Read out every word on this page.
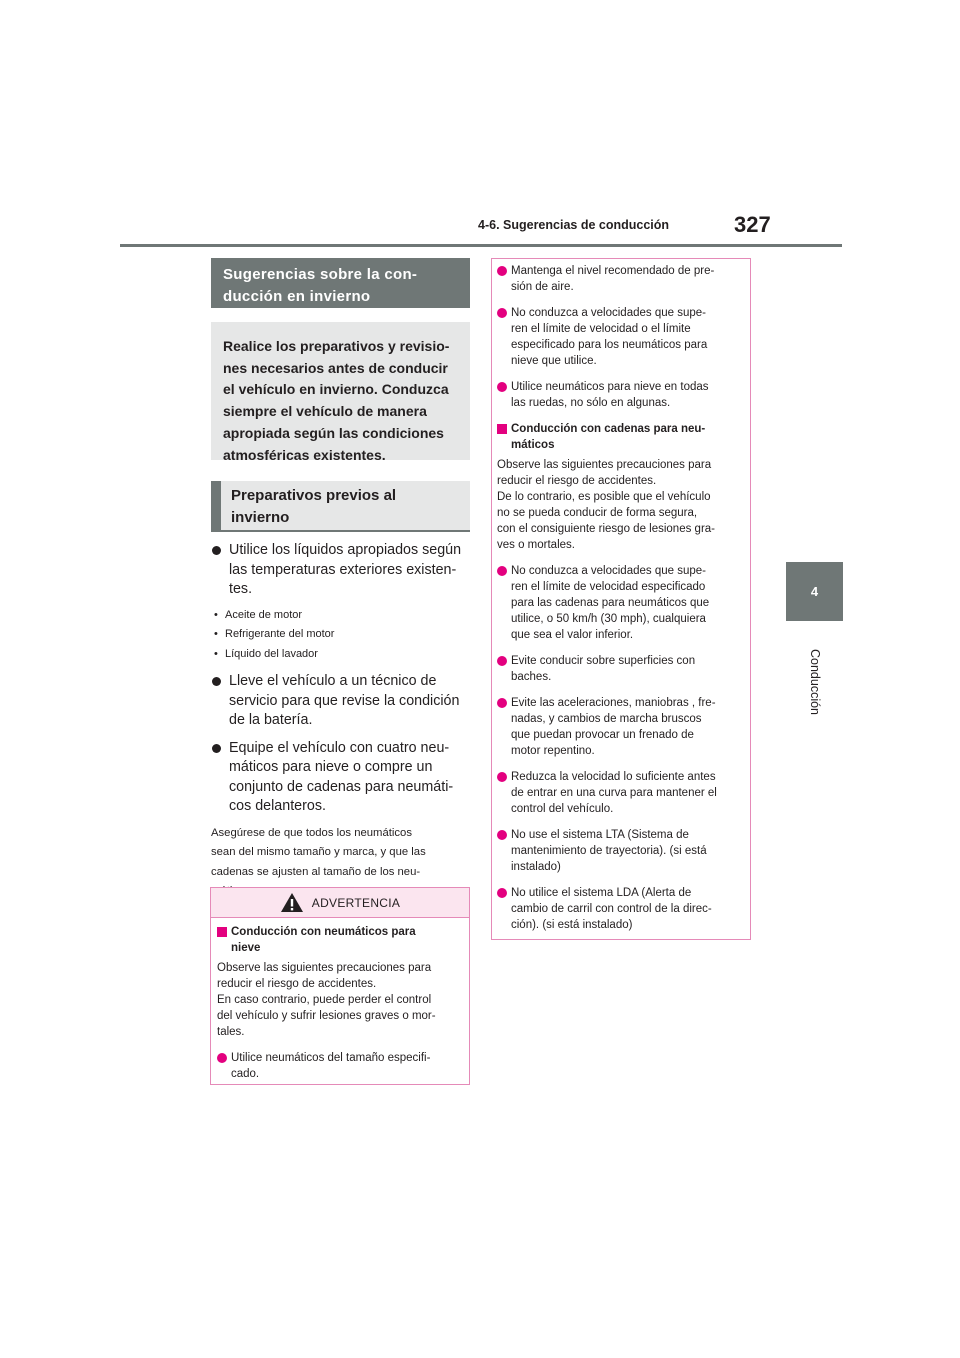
4-6. Sugerencias de conducción	327
4
Conducción
Sugerencias sobre la con-
ducción en invierno
Realice los preparativos y revisio-
nes necesarios antes de conducir
el vehículo en invierno. Conduzca
siempre el vehículo de manera
apropiada según las condiciones
atmosféricas existentes.
Preparativos previos al
invierno
Utilice los líquidos apropiados según
las temperaturas exteriores existen-
tes.
• Aceite de motor
• Refrigerante del motor
• Líquido del lavador
Lleve el vehículo a un técnico de
servicio para que revise la condición
de la batería.
Equipe el vehículo con cuatro neu-
máticos para nieve o compre un
conjunto de cadenas para neumáti-
cos delanteros.
Asegúrese de que todos los neumáticos
sean del mismo tamaño y marca, y que las
cadenas se ajusten al tamaño de los neu-
ADVERTENCIA
Conducción con neumáticos para
nieve
Observe las siguientes precauciones para
reducir el riesgo de accidentes.
En caso contrario, puede perder el control
del vehículo y sufrir lesiones graves o mor-
tales.
Utilice neumáticos del tamaño especifi-
cado.
Mantenga el nivel recomendado de pre-
sión de aire.
No conduzca a velocidades que supe-
ren el límite de velocidad o el límite
especificado para los neumáticos para
nieve que utilice.
Utilice neumáticos para nieve en todas
las ruedas, no sólo en algunas.
Conducción con cadenas para neu-
máticos
Observe las siguientes precauciones para
reducir el riesgo de accidentes.
De lo contrario, es posible que el vehículo
no se pueda conducir de forma segura,
con el consiguiente riesgo de lesiones gra-
ves o mortales.
No conduzca a velocidades que supe-
ren el límite de velocidad especificado
para las cadenas para neumáticos que
utilice, o 50 km/h (30 mph), cualquiera
que sea el valor inferior.
Evite conducir sobre superficies con
baches.
Evite las aceleraciones, maniobras , fre-
nadas, y cambios de marcha bruscos
que puedan provocar un frenado de
motor repentino.
Reduzca la velocidad lo suficiente antes
de entrar en una curva para mantener el
control del vehículo.
No use el sistema LTA (Sistema de
mantenimiento de trayectoria). (si está
instalado)
No utilice el sistema LDA (Alerta de
cambio de carril con control de la direc-
ción). (si está instalado)
